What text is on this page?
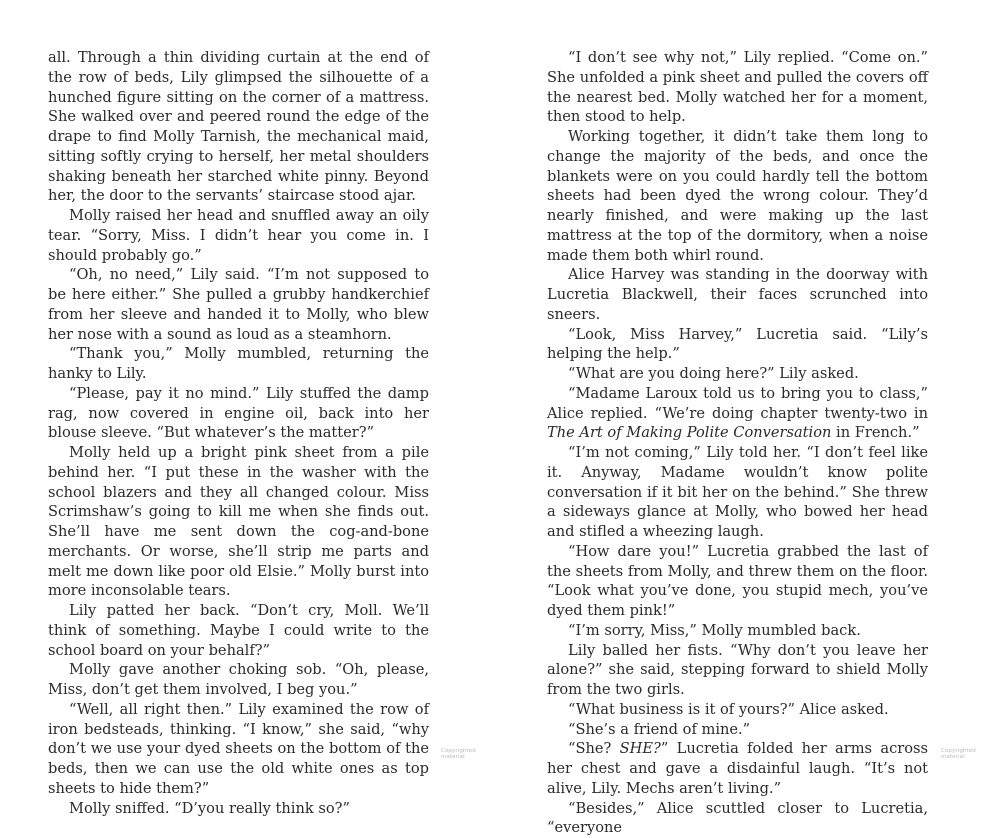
all. Through a thin dividing curtain at the end of the row of beds, Lily glimpsed the silhouette of a hunched figure sitting on the corner of a mattress. She walked over and peered round the edge of the drape to find Molly Tarnish, the mechanical maid, sitting softly crying to herself, her metal shoulders shaking beneath her starched white pinny. Beyond her, the door to the servants’ staircase stood ajar.

Molly raised her head and snuffled away an oily tear. “Sorry, Miss. I didn’t hear you come in. I should probably go.”

“Oh, no need,” Lily said. “I’m not supposed to be here either.” She pulled a grubby handkerchief from her sleeve and handed it to Molly, who blew her nose with a sound as loud as a steamhorn.

“Thank you,” Molly mumbled, returning the hanky to Lily.

“Please, pay it no mind.” Lily stuffed the damp rag, now covered in engine oil, back into her blouse sleeve. “But whatever’s the matter?”

Molly held up a bright pink sheet from a pile behind her. “I put these in the washer with the school blazers and they all changed colour. Miss Scrimshaw’s going to kill me when she finds out. She’ll have me sent down the cog-and-bone merchants. Or worse, she’ll strip me parts and melt me down like poor old Elsie.” Molly burst into more inconsolable tears.

Lily patted her back. “Don’t cry, Moll. We’ll think of something. Maybe I could write to the school board on your behalf?”

Molly gave another choking sob. “Oh, please, Miss, don’t get them involved, I beg you.”

“Well, all right then.” Lily examined the row of iron bedsteads, thinking. “I know,” she said, “why don’t we use your dyed sheets on the bottom of the beds, then we can use the old white ones as top sheets to hide them?”

Molly sniffed. “D’you really think so?”

Copyrighted material

“I don’t see why not,” Lily replied. “Come on.” She unfolded a pink sheet and pulled the covers off the nearest bed. Molly watched her for a moment, then stood to help.

Working together, it didn’t take them long to change the majority of the beds, and once the blankets were on you could hardly tell the bottom sheets had been dyed the wrong colour. They’d nearly finished, and were making up the last mattress at the top of the dormitory, when a noise made them both whirl round.

Alice Harvey was standing in the doorway with Lucretia Blackwell, their faces scrunched into sneers.

“Look, Miss Harvey,” Lucretia said. “Lily’s helping the help.”

“What are you doing here?” Lily asked.

“Madame Laroux told us to bring you to class,” Alice replied. “We’re doing chapter twenty-two in The Art of Making Polite Conversation in French.”

“I’m not coming,” Lily told her. “I don’t feel like it. Anyway, Madame wouldn’t know polite conversation if it bit her on the behind.” She threw a sideways glance at Molly, who bowed her head and stifled a wheezing laugh.

“How dare you!” Lucretia grabbed the last of the sheets from Molly, and threw them on the floor. “Look what you’ve done, you stupid mech, you’ve dyed them pink!”

“I’m sorry, Miss,” Molly mumbled back.

Lily balled her fists. “Why don’t you leave her alone?” she said, stepping forward to shield Molly from the two girls.

“What business is it of yours?” Alice asked.

“She’s a friend of mine.”

“She? SHE?” Lucretia folded her arms across her chest and gave a disdainful laugh. “It’s not alive, Lily. Mechs aren’t living.”

“Besides,” Alice scuttled closer to Lucretia, “everyone

Copyrighted material
